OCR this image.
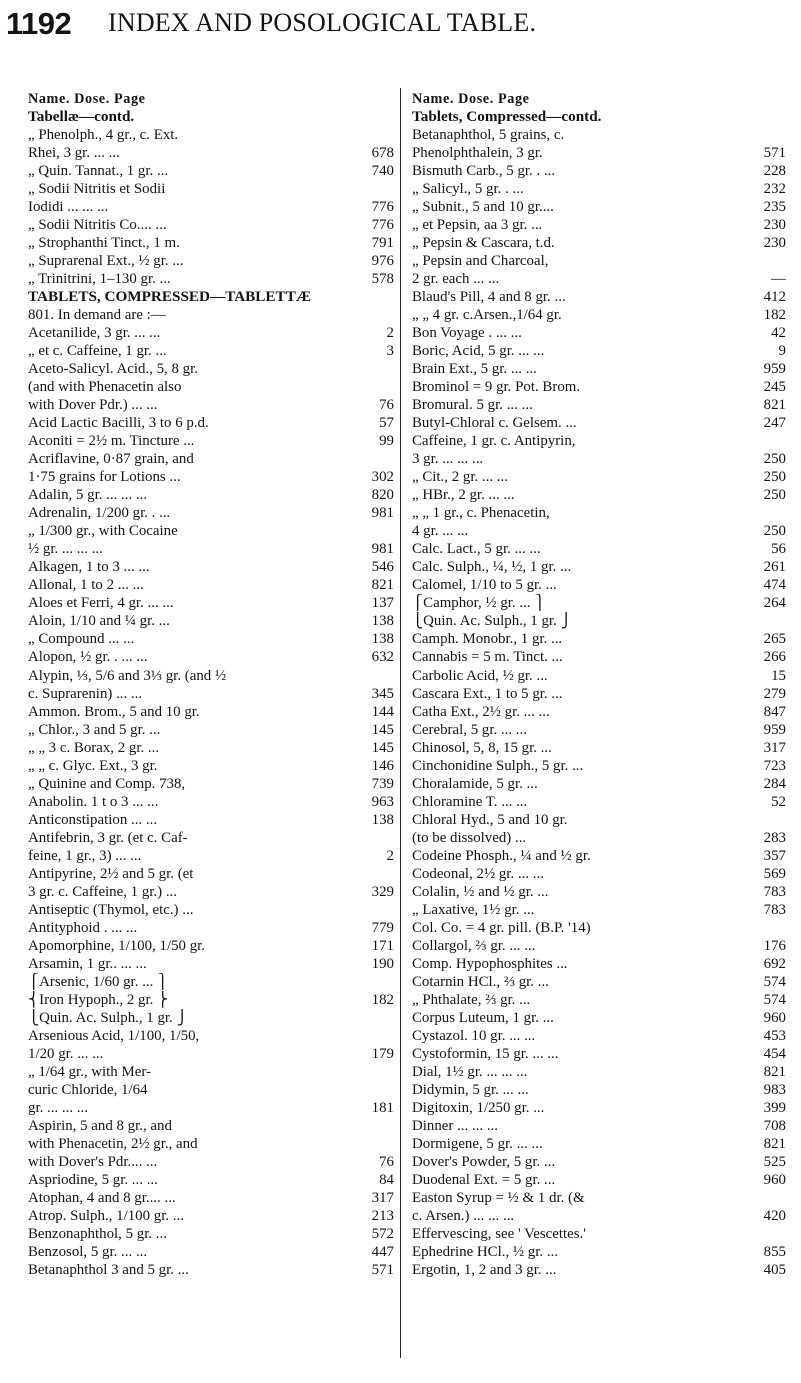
1192 INDEX AND POSOLOGICAL TABLE.
Name. Dose. Page
Tabellæ—contd.
„ Phenolph., 4 gr., c. Ext.
Rhei, 3 gr. ... ...	678
„ Quin. Tannat., 1 gr. ...	740
„ Sodii Nitritis et Sodii
Iodidi ... ... ...	776
„ Sodii Nitritis Co.... ...	776
„ Strophanthi Tinct., 1 m.	791
„ Suprarenal Ext., ½ gr. ...	976
„ Trinitrini, 1–130 gr. ...	578
TABLETS, COMPRESSED—TABLETTÆ
801. In demand are :—
Acetanilide, 3 gr. ... ...	2
„ et c. Caffeine, 1 gr. ...	3
Aceto-Salicyl. Acid., 5, 8 gr.
(and with Phenacetin also
with Dover Pdr.) ... ...	76
Acid Lactic Bacilli, 3 to 6 p.d.	57
Aconiti = 2½ m. Tincture ...	99
Acriflavine, 0·87 grain, and
1·75 grains for Lotions ...	302
Adalin, 5 gr. ... ... ...	820
Adrenalin, 1/200 gr. . ...	981
„ 1/300 gr., with Cocaine
½ gr. ... ... ...	981
Alkagen, 1 to 3 ... ...	546
Allonal, 1 to 2 ... ...	821
Aloes et Ferri, 4 gr. ... ...	137
Aloin, 1/10 and ¼ gr. ...	138
„ Compound ... ...	138
Alopon, ½ gr. . ... ...	632
Alypin, ⅓, 5/6 and 3⅓ gr. (and ½
c. Suprarenin) ... ...	345
Ammon. Brom., 5 and 10 gr.	144
„ Chlor., 3 and 5 gr. ...	145
„ „ 3 c. Borax, 2 gr. ...	145
„ „ c. Glyc. Ext., 3 gr.	146
„ Quinine and Comp. 738,	739
Anabolin. 1 t o 3 ... ...	963
Anticonstipation ... ...	138
Antifebrin, 3 gr. (et c. Caf-
feine, 1 gr., 3) ... ...	2
Antipyrine, 2½ and 5 gr. (et
3 gr. c. Caffeine, 1 gr.) ...	329
Antiseptic (Thymol, etc.) ...
Antityphoid . ... ...	779
Apomorphine, 1/100, 1/50 gr.	171
Arsamin, 1 gr.. ... ...	190
⎧Arsenic, 1/60 gr. ... ⎫
⎨Iron Hypoph., 2 gr. ⎬	182
⎩Quin. Ac. Sulph., 1 gr. ⎭
Arsenious Acid, 1/100, 1/50,
1/20 gr. ... ...	179
„ 1/64 gr., with Mer-
curic Chloride, 1/64
gr. ... ... ...	181
Aspirin, 5 and 8 gr., and
with Phenacetin, 2½ gr., and
with Dover's Pdr.... ...	76
Aspriodine, 5 gr. ... ...	84
Atophan, 4 and 8 gr.... ...	317
Atrop. Sulph., 1/100 gr. ...	213
Benzonaphthol, 5 gr. ...	572
Benzosol, 5 gr. ... ...	447
Betanaphthol 3 and 5 gr. ...	571
Name. Dose. Page
Tablets, Compressed—contd.
Betanaphthol, 5 grains, c.
Phenolphthalein, 3 gr.	571
Bismuth Carb., 5 gr. . ...	228
„ Salicyl., 5 gr. . ...	232
„ Subnit., 5 and 10 gr....	235
„ et Pepsin, aa 3 gr. ...	230
„ Pepsin & Cascara, t.d.	230
„ Pepsin and Charcoal,
2 gr. each ... ...	—
Blaud's Pill, 4 and 8 gr. ...	412
„ „ 4 gr. c.Arsen.,1/64 gr.	182
Bon Voyage . ... ...	42
Boric, Acid, 5 gr. ... ...	9
Brain Ext., 5 gr. ... ...	959
Brominol = 9 gr. Pot. Brom.	245
Bromural. 5 gr. ... ...	821
Butyl-Chloral c. Gelsem. ...	247
Caffeine, 1 gr. c. Antipyrin,
3 gr. ... ... ...	250
„ Cit., 2 gr. ... ...	250
„ HBr., 2 gr. ... ...	250
„ „ 1 gr., c. Phenacetin,
4 gr. ... ...	250
Calc. Lact., 5 gr. ... ...	56
Calc. Sulph., ¼, ½, 1 gr. ...	261
Calomel, 1/10 to 5 gr. ...	474
⎧Camphor, ½ gr. ... ⎫	264
⎩Quin. Ac. Sulph., 1 gr. ⎭
Camph. Monobr., 1 gr. ...	265
Cannabis = 5 m. Tinct. ...	266
Carbolic Acid, ½ gr. ...	15
Cascara Ext., 1 to 5 gr. ...	279
Catha Ext., 2½ gr. ... ...	847
Cerebral, 5 gr. ... ...	959
Chinosol, 5, 8, 15 gr. ...	317
Cinchonidine Sulph., 5 gr. ...	723
Choralamide, 5 gr. ...	284
Chloramine T. ... ...	52
Chloral Hyd., 5 and 10 gr.
(to be dissolved) ...	283
Codeine Phosph., ¼ and ½ gr.	357
Codeonal, 2½ gr. ... ...	569
Colalin, ½ and ½ gr. ...	783
„ Laxative, 1½ gr. ...	783
Col. Co. = 4 gr. pill. (B.P. '14)
Collargol, ⅔ gr. ... ...	176
Comp. Hypophosphites ...	692
Cotarnin HCl., ⅔ gr. ...	574
„ Phthalate, ⅔ gr. ...	574
Corpus Luteum, 1 gr. ...	960
Cystazol. 10 gr. ... ...	453
Cystoformin, 15 gr. ... ...	454
Dial, 1½ gr. ... ... ...	821
Didymin, 5 gr. ... ...	983
Digitoxin, 1/250 gr. ...	399
Dinner ... ... ...	708
Dormigene, 5 gr. ... ...	821
Dover's Powder, 5 gr. ...	525
Duodenal Ext. = 5 gr. ...	960
Easton Syrup = ½ & 1 dr. (&
c. Arsen.) ... ... ...	420
Effervescing, see ' Vescettes.'
Ephedrine HCl., ½ gr. ...	855
Ergotin, 1, 2 and 3 gr. ...	405
